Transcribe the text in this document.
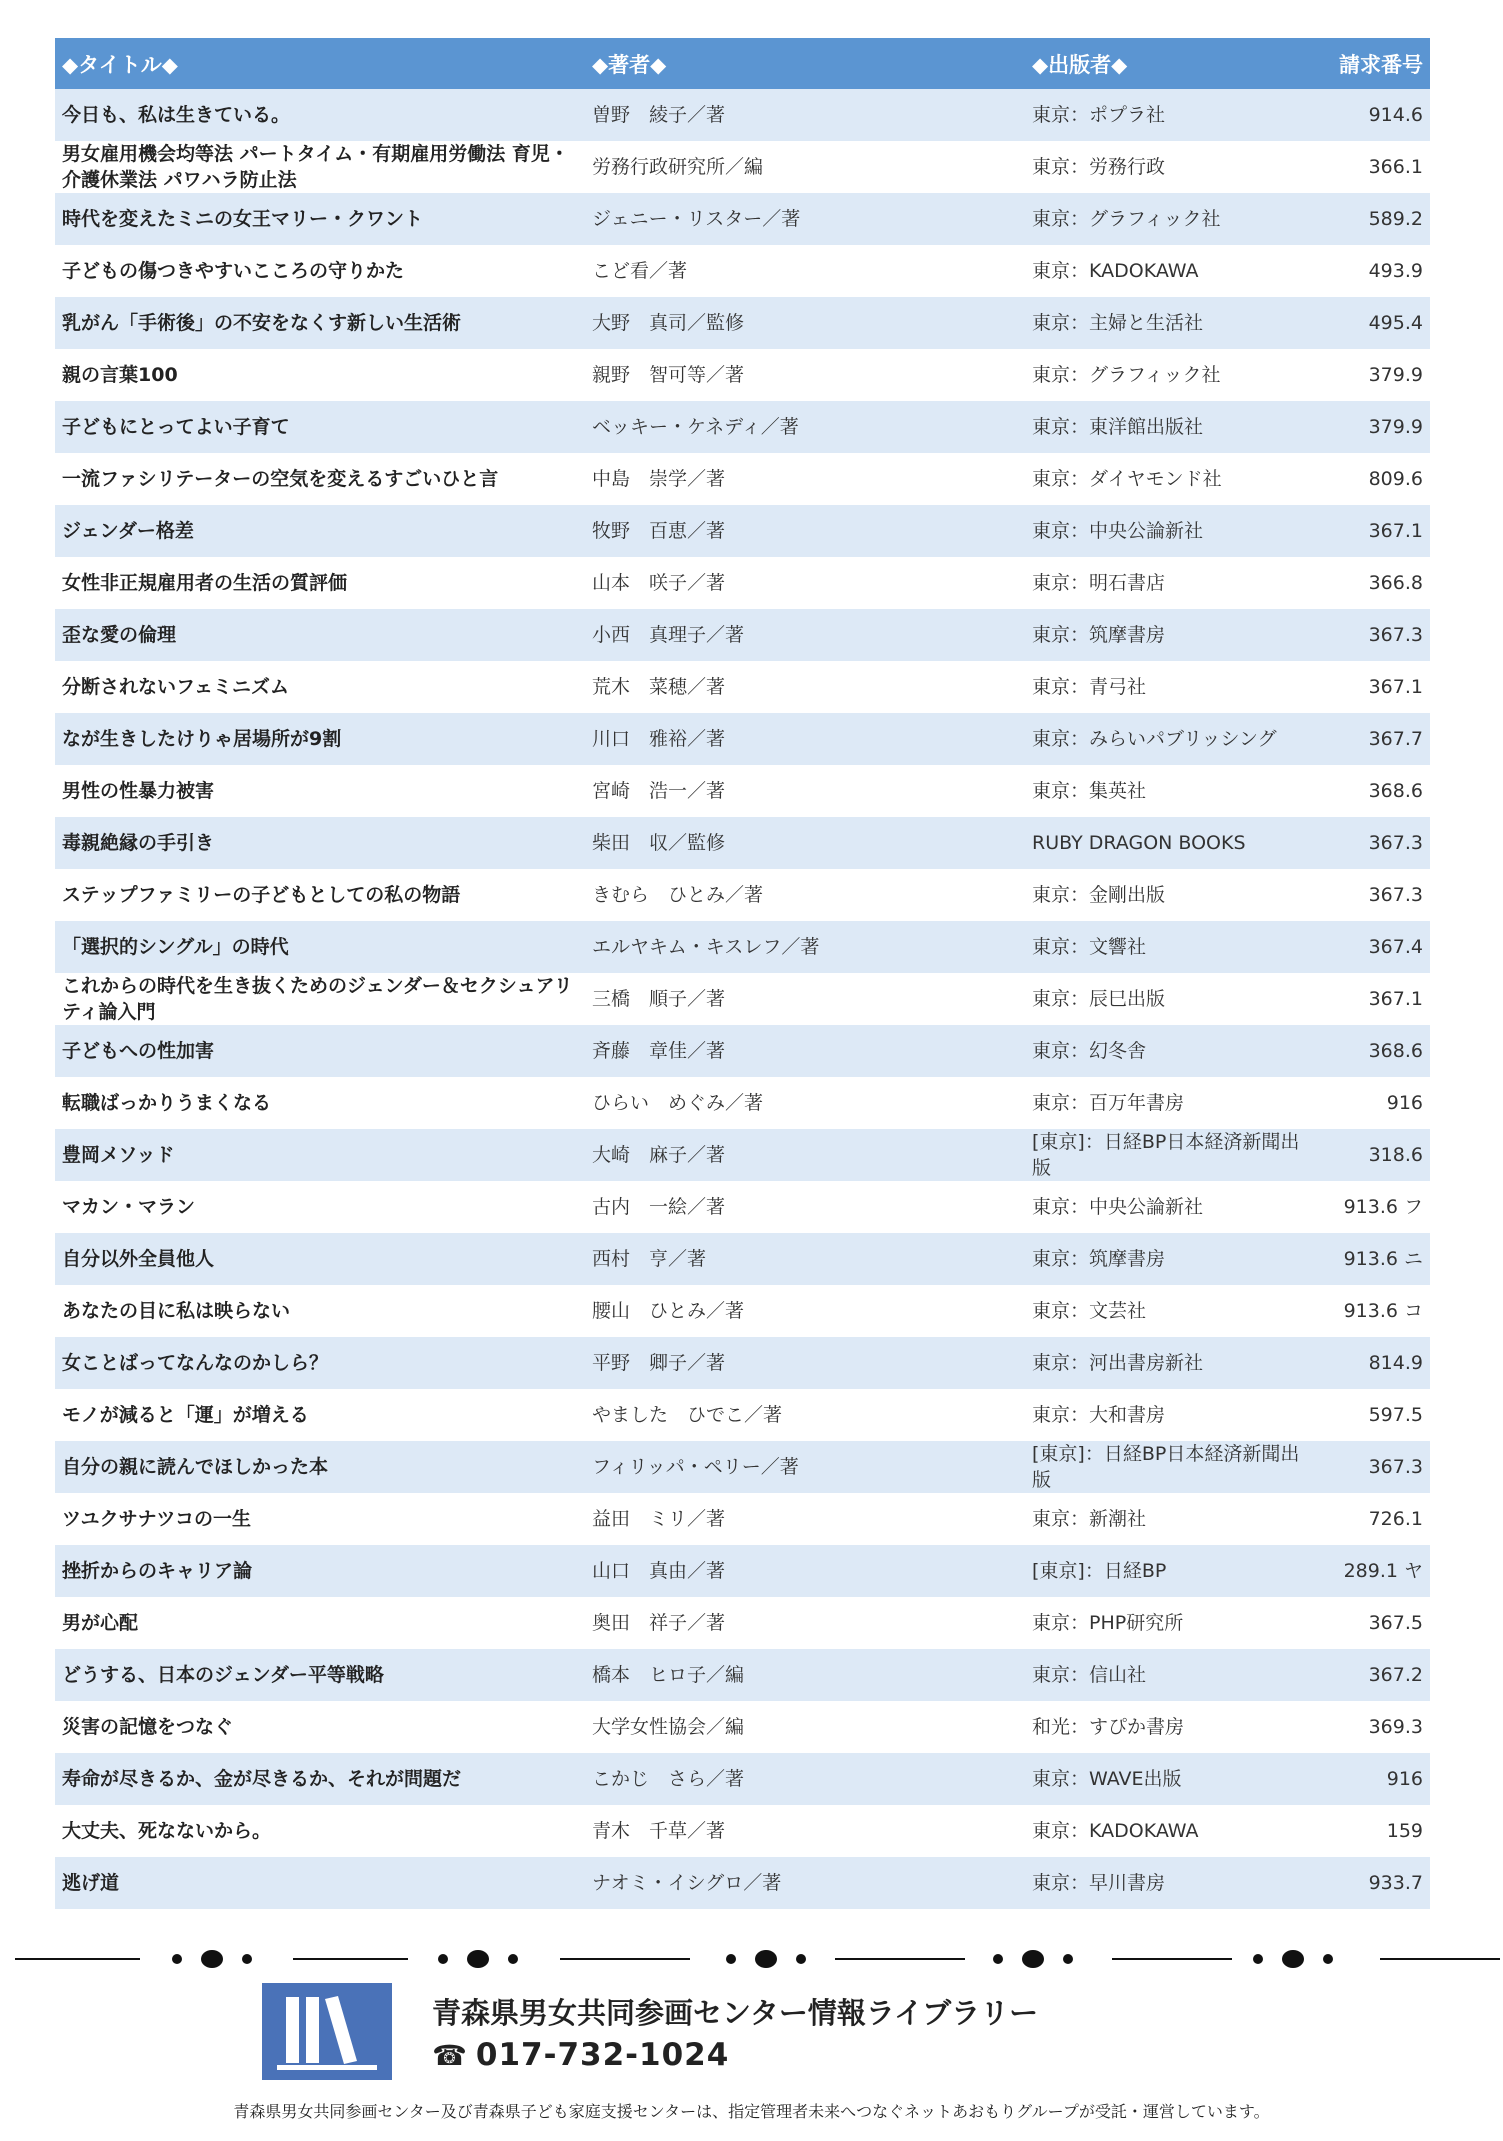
◆タイトル◆	◆著者◆	◆出版者◆	請求番号
今日も、私は生きている。	曽野　綾子／著	東京：ポプラ社	914.6
男女雇用機会均等法 パートタイム・有期雇用労働法 育児・介護休業法 パワハラ防止法	労務行政研究所／編	東京：労務行政	366.1
時代を変えたミニの女王マリー・クワント	ジェニー・リスター／著	東京：グラフィック社	589.2
子どもの傷つきやすいこころの守りかた	こど看／著	東京：KADOKAWA	493.9
乳がん「手術後」の不安をなくす新しい生活術	大野　真司／監修	東京：主婦と生活社	495.4
親の言葉100	親野　智可等／著	東京：グラフィック社	379.9
子どもにとってよい子育て	ベッキー・ケネディ／著	東京：東洋館出版社	379.9
一流ファシリテーターの空気を変えるすごいひと言	中島　崇学／著	東京：ダイヤモンド社	809.6
ジェンダー格差	牧野　百恵／著	東京：中央公論新社	367.1
女性非正規雇用者の生活の質評価	山本　咲子／著	東京：明石書店	366.8
歪な愛の倫理	小西　真理子／著	東京：筑摩書房	367.3
分断されないフェミニズム	荒木　菜穂／著	東京：青弓社	367.1
なが生きしたけりゃ居場所が9割	川口　雅裕／著	東京：みらいパブリッシング	367.7
男性の性暴力被害	宮崎　浩一／著	東京：集英社	368.6
毒親絶縁の手引き	柴田　収／監修	RUBY DRAGON BOOKS	367.3
ステップファミリーの子どもとしての私の物語	きむら　ひとみ／著	東京：金剛出版	367.3
「選択的シングル」の時代	エルヤキム・キスレフ／著	東京：文響社	367.4
これからの時代を生き抜くためのジェンダー＆セクシュアリティ論入門	三橋　順子／著	東京：辰巳出版	367.1
子どもへの性加害	斉藤　章佳／著	東京：幻冬舎	368.6
転職ばっかりうまくなる	ひらい　めぐみ／著	東京：百万年書房	916
豊岡メソッド	大崎　麻子／著	[東京]：日経BP日本経済新聞出版	318.6
マカン・マラン	古内　一絵／著	東京：中央公論新社	913.6 フ
自分以外全員他人	西村　亨／著	東京：筑摩書房	913.6 ニ
あなたの目に私は映らない	腰山　ひとみ／著	東京：文芸社	913.6 コ
女ことばってなんなのかしら？	平野　卿子／著	東京：河出書房新社	814.9
モノが減ると「運」が増える	やました　ひでこ／著	東京：大和書房	597.5
自分の親に読んでほしかった本	フィリッパ・ペリー／著	[東京]：日経BP日本経済新聞出版	367.3
ツユクサナツコの一生	益田　ミリ／著	東京：新潮社	726.1
挫折からのキャリア論	山口　真由／著	[東京]：日経BP	289.1 ヤ
男が心配	奥田　祥子／著	東京：PHP研究所	367.5
どうする、日本のジェンダー平等戦略	橋本　ヒロ子／編	東京：信山社	367.2
災害の記憶をつなぐ	大学女性協会／編	和光：すぴか書房	369.3
寿命が尽きるか、金が尽きるか、それが問題だ	こかじ　さら／著	東京：WAVE出版	916
大丈夫、死なないから。	青木　千草／著	東京：KADOKAWA	159
逃げ道	ナオミ・イシグロ／著	東京：早川書房	933.7
青森県男女共同参画センター情報ライブラリー
☎ 017-732-1024
青森県男女共同参画センター及び青森県子ども家庭支援センターは、指定管理者未来へつなぐネットあおもりグループが受託・運営しています。
